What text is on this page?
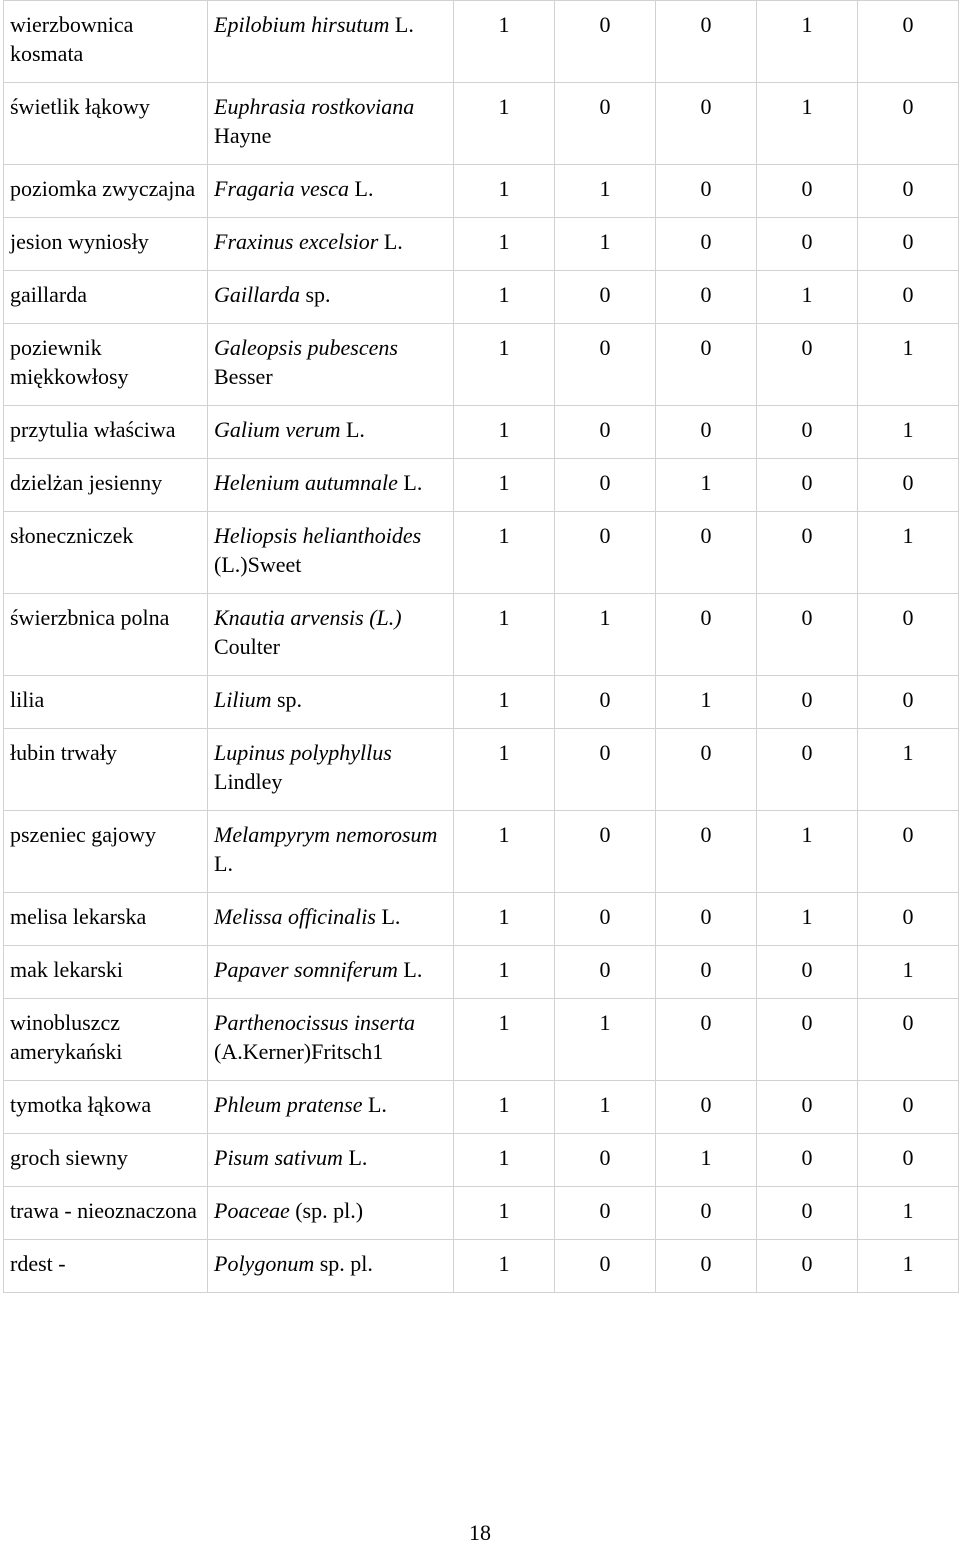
wierzbownica kosmata	Epilobium hirsutum L.	1	0	0	1	0
świetlik łąkowy	Euphrasia rostkoviana Hayne	1	0	0	1	0
poziomka zwyczajna	Fragaria vesca L.	1	1	0	0	0
jesion wyniosły	Fraxinus excelsior L.	1	1	0	0	0
gaillarda	Gaillarda sp.	1	0	0	1	0
poziewnik miękkowłosy	Galeopsis pubescens Besser	1	0	0	0	1
przytulia właściwa	Galium verum L.	1	0	0	0	1
dzielżan jesienny	Helenium autumnale L.	1	0	1	0	0
słoneczniczek	Heliopsis helianthoides (L.)Sweet	1	0	0	0	1
świerzbnica polna	Knautia arvensis (L.) Coulter	1	1	0	0	0
lilia	Lilium sp.	1	0	1	0	0
łubin trwały	Lupinus polyphyllus Lindley	1	0	0	0	1
pszeniec gajowy	Melampyrym nemorosum L.	1	0	0	1	0
melisa lekarska	Melissa officinalis L.	1	0	0	1	0
mak lekarski	Papaver somniferum L.	1	0	0	0	1
winobluszcz amerykański	Parthenocissus inserta (A.Kerner)Fritsch1	1	1	0	0	0
tymotka łąkowa	Phleum pratense L.	1	1	0	0	0
groch siewny	Pisum sativum L.	1	0	1	0	0
trawa - nieoznaczona	Poaceae (sp. pl.)	1	0	0	0	1
rdest -	Polygonum sp. pl.	1	0	0	0	1
18
